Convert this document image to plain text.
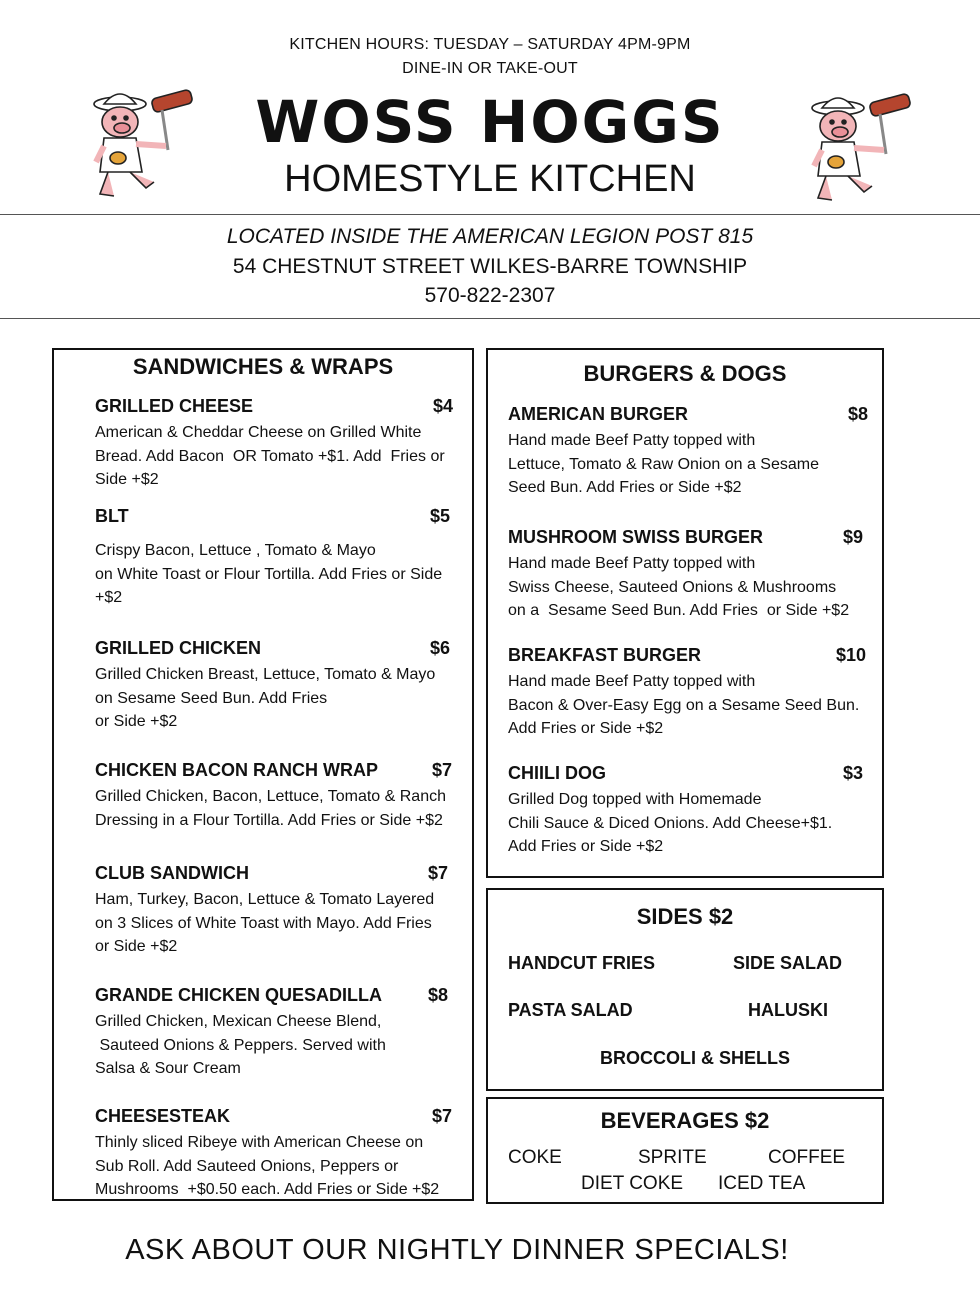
KITCHEN HOURS: TUESDAY – SATURDAY 4PM-9PM
DINE-IN OR TAKE-OUT
WOSS HOGGS
HOMESTYLE KITCHEN
LOCATED INSIDE THE AMERICAN LEGION POST 815
54 CHESTNUT STREET WILKES-BARRE TOWNSHIP
570-822-2307
SANDWICHES & WRAPS
GRILLED CHEESE	$4
American & Cheddar Cheese on Grilled White
Bread. Add Bacon  OR Tomato +$1. Add  Fries or
Side +$2
BLT	$5
Crispy Bacon, Lettuce , Tomato & Mayo
on White Toast or Flour Tortilla. Add Fries or Side
+$2
GRILLED CHICKEN	$6
Grilled Chicken Breast, Lettuce, Tomato & Mayo
on Sesame Seed Bun. Add Fries
or Side +$2
CHICKEN BACON RANCH WRAP	$7
Grilled Chicken, Bacon, Lettuce, Tomato & Ranch
Dressing in a Flour Tortilla. Add Fries or Side +$2
CLUB SANDWICH	$7
Ham, Turkey, Bacon, Lettuce & Tomato Layered
on 3 Slices of White Toast with Mayo. Add Fries
or Side +$2
GRANDE CHICKEN QUESADILLA	$8
Grilled Chicken, Mexican Cheese Blend,
Sauteed Onions & Peppers. Served with
Salsa & Sour Cream
CHEESESTEAK	$7
Thinly sliced Ribeye with American Cheese on
Sub Roll. Add Sauteed Onions, Peppers or
Mushrooms  +$0.50 each. Add Fries or Side +$2
BURGERS & DOGS
AMERICAN BURGER	$8
Hand made Beef Patty topped with
Lettuce, Tomato & Raw Onion on a Sesame
Seed Bun. Add Fries or Side +$2
MUSHROOM SWISS BURGER	$9
Hand made Beef Patty topped with
Swiss Cheese, Sauteed Onions & Mushrooms
on a  Sesame Seed Bun. Add Fries  or Side +$2
BREAKFAST BURGER	$10
Hand made Beef Patty topped with
Bacon & Over-Easy Egg on a Sesame Seed Bun.
Add Fries or Side +$2
CHIILI DOG	$3
Grilled Dog topped with Homemade
Chili Sauce & Diced Onions. Add Cheese+$1.
Add Fries or Side +$2
SIDES $2
HANDCUT FRIES	SIDE SALAD
PASTA SALAD	HALUSKI
BROCCOLI & SHELLS
BEVERAGES $2
COKE	SPRITE	COFFEE
DIET COKE ICED TEA
ASK ABOUT OUR NIGHTLY DINNER SPECIALS!
